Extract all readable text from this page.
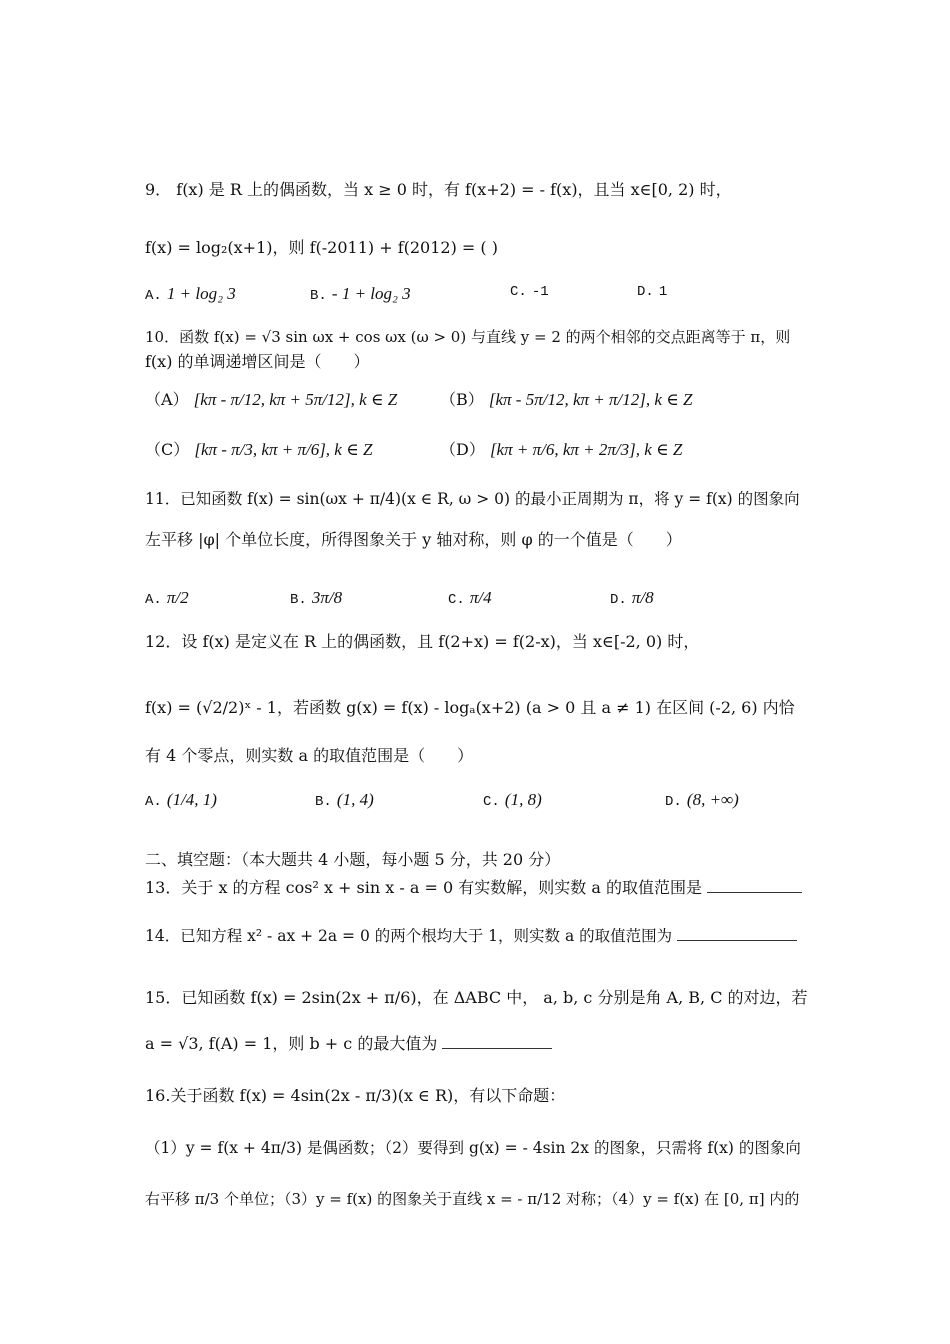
9． f(x) 是 R 上的偶函数，当 x ≥ 0 时，有 f(x+2) = - f(x)，且当 x∈[0, 2) 时，
f(x) = log₂(x+1)，则 f(-2011) + f(2012) = ( )
A. 1 + log₂ 3	B. - 1 + log₂ 3	C. -1	D. 1
10．函数 f(x) = √3 sin ωx + cos ωx (ω > 0) 与直线 y = 2 的两个相邻的交点距离等于 π，则
f(x) 的单调递增区间是（　　）
（A） [kπ - π/12, kπ + 5π/12], k ∈ Z	（B） [kπ - 5π/12, kπ + π/12], k ∈ Z
（C） [kπ - π/3, kπ + π/6], k ∈ Z	（D） [kπ + π/6, kπ + 2π/3], k ∈ Z
11．已知函数 f(x) = sin(ωx + π/4)(x ∈ R, ω > 0) 的最小正周期为 π，将 y = f(x) 的图象向
左平移 |φ| 个单位长度，所得图象关于 y 轴对称，则 φ 的一个值是（　　）
A. π/2	B. 3π/8	C. π/4	D. π/8
12．设 f(x) 是定义在 R 上的偶函数，且 f(2+x) = f(2-x)，当 x∈[-2, 0) 时，
f(x) = (√2/2)ˣ - 1，若函数 g(x) = f(x) - logₐ(x+2) (a > 0 且 a ≠ 1) 在区间 (-2, 6) 内恰
有 4 个零点，则实数 a 的取值范围是（　　）
A. (1/4, 1)	B. (1, 4)	C. (1, 8)	D. (8, +∞)
二、填空题：（本大题共 4 小题，每小题 5 分，共 20 分）
13．关于 x 的方程 cos² x + sin x - a = 0 有实数解，则实数 a 的取值范围是
14．已知方程 x² - ax + 2a = 0 的两个根均大于 1，则实数 a 的取值范围为
15．已知函数 f(x) = 2sin(2x + π/6)，在 ΔABC 中， a, b, c 分别是角 A, B, C 的对边，若
a = √3, f(A) = 1，则 b + c 的最大值为
16.关于函数 f(x) = 4sin(2x - π/3)(x ∈ R)，有以下命题：
（1）y = f(x + 4π/3) 是偶函数；（2）要得到 g(x) = - 4sin 2x 的图象，只需将 f(x) 的图象向
右平移 π/3 个单位；（3）y = f(x) 的图象关于直线 x = - π/12 对称；（4）y = f(x) 在 [0, π] 内的
